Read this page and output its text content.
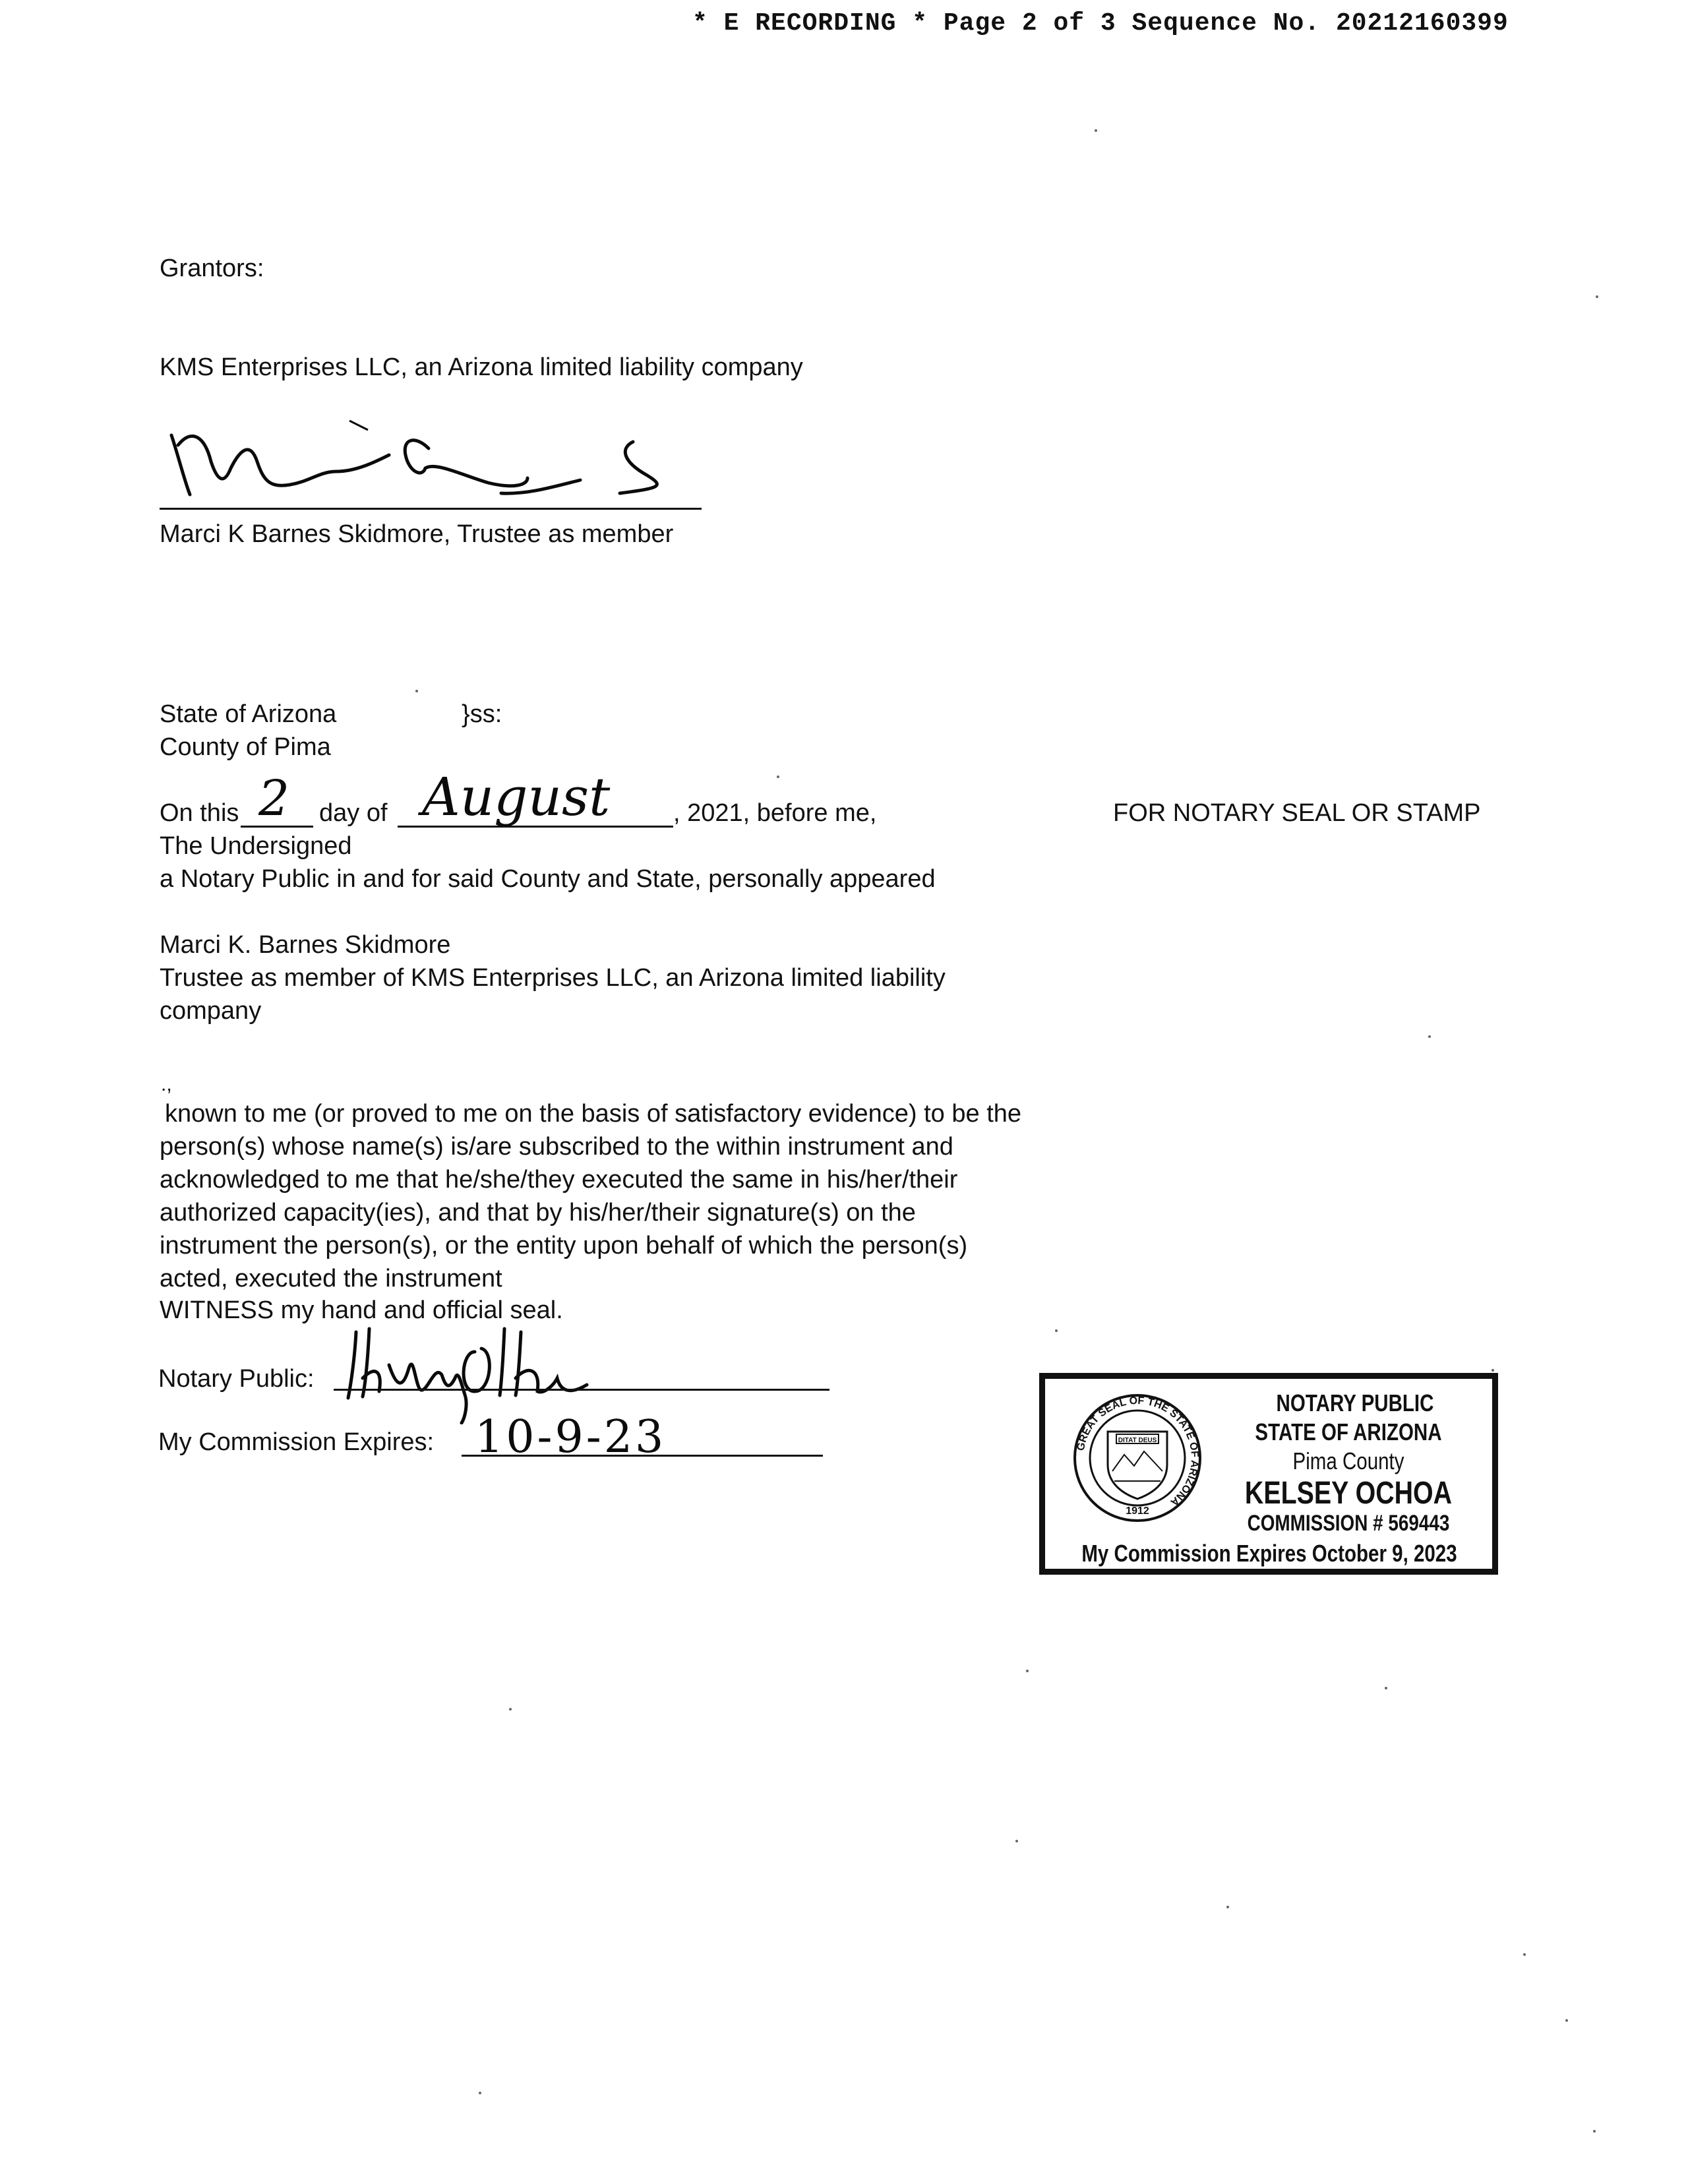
* E RECORDING * Page 2 of 3 Sequence No. 20212160399
Grantors:
KMS Enterprises LLC, an Arizona limited liability company
Marci K Barnes Skidmore, Trustee as member
State of Arizona	}ss:
County of Pima
On this 2 day of August	, 2021, before me,	FOR NOTARY SEAL OR STAMP
The Undersigned
a Notary Public in and for said County and State, personally appeared
Marci K. Barnes Skidmore
Trustee as member of KMS Enterprises LLC, an Arizona limited liability
company
.,
known to me (or proved to me on the basis of satisfactory evidence) to be the
person(s) whose name(s) is/are subscribed to the within instrument and
acknowledged to me that he/she/they executed the same in his/her/their
authorized capacity(ies), and that by his/her/their signature(s) on the
instrument the person(s), or the entity upon behalf of which the person(s)
acted, executed the instrument
WITNESS my hand and official seal.
Notary Public:
My Commission Expires: 10-9-23	GREAT SEAL OF THE STATE OF ARIZONA
DITAT DEUS
1912
NOTARY PUBLIC
STATE OF ARIZONA
Pima County
KELSEY OCHOA
COMMISSION # 569443
My Commission Expires October 9, 2023
